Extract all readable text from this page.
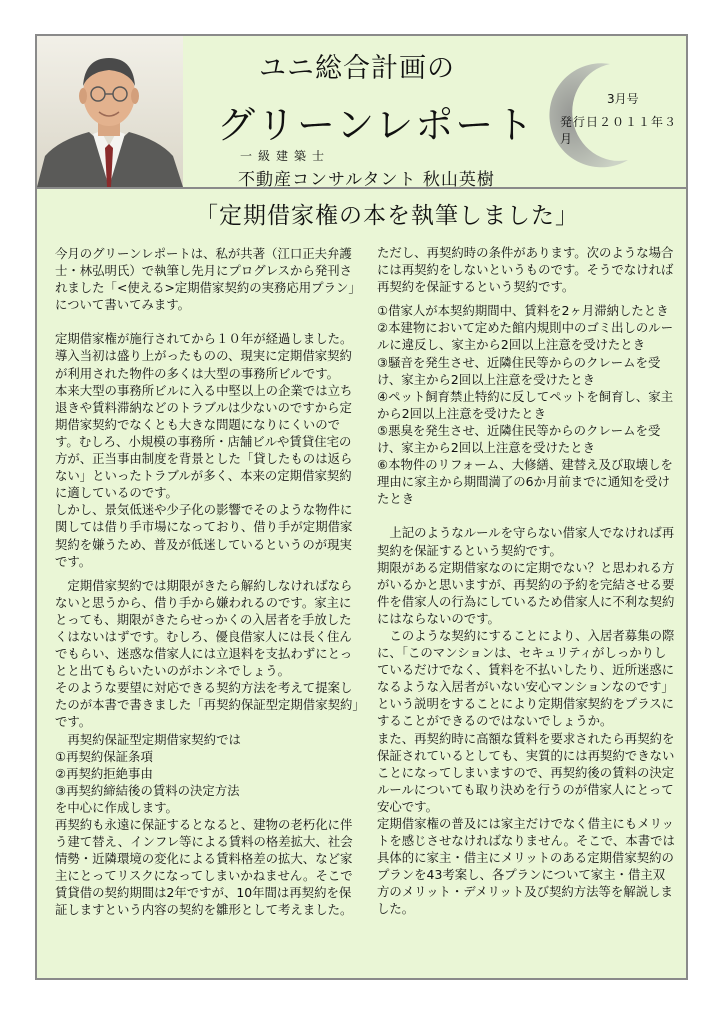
ユニ総合計画の
グリーンレポート
一級建築士
不動産コンサルタント 秋山英樹
3月号
発行日２０１１年３月
「定期借家権の本を執筆しました」

今月のグリーンレポートは、私が共著（江口正夫弁護士・林弘明氏）で執筆し先月にプログレスから発刊されました「<使える>定期借家契約の実務応用プラン」について書いてみます。

定期借家権が施行されてから１０年が経過しました。導入当初は盛り上がったものの、現実に定期借家契約が利用された物件の多くは大型の事務所ビルです。

本来大型の事務所ビルに入る中堅以上の企業では立ち退きや賃料滞納などのトラブルは少ないのですから定期借家契約でなくとも大きな問題になりにくいのです。むしろ、小規模の事務所・店舗ビルや賃貸住宅の方が、正当事由制度を背景とした「貸したものは返らない」といったトラブルが多く、本来の定期借家契約に適しているのです。

しかし、景気低迷や少子化の影響でそのような物件に関しては借り手市場になっており、借り手が定期借家契約を嫌うため、普及が低迷しているというのが現実です。

定期借家契約では期限がきたら解約しなければならないと思うから、借り手から嫌われるのです。家主にとっても、期限がきたらせっかくの入居者を手放したくはないはずです。むしろ、優良借家人には長く住んでもらい、迷惑な借家人には立退料を支払わずにとっとと出てもらいたいのがホンネでしょう。

そのような要望に対応できる契約方法を考えて提案したのが本書で書きました「再契約保証型定期借家契約」です。

再契約保証型定期借家契約では

①再契約保証条項

②再契約拒絶事由

③再契約締結後の賃料の決定方法

を中心に作成します。

再契約も永遠に保証するとなると、建物の老朽化に伴う建て替え、インフレ等による賃料の格差拡大、社会情勢・近隣環境の変化による賃料格差の拡大、など家主にとってリスクになってしまいかねません。そこで賃貸借の契約期間は2年ですが、10年間は再契約を保証しますという内容の契約を雛形として考えました。

ただし、再契約時の条件があります。次のような場合には再契約をしないというものです。そうでなければ再契約を保証するという契約です。

①借家人が本契約期間中、賃料を2ヶ月滞納したとき

②本建物において定めた館内規則中のゴミ出しのルールに違反し、家主から2回以上注意を受けたとき

③騒音を発生させ、近隣住民等からのクレームを受け、家主から2回以上注意を受けたとき

④ペット飼育禁止特約に反してペットを飼育し、家主から2回以上注意を受けたとき

⑤悪臭を発生させ、近隣住民等からのクレームを受け、家主から2回以上注意を受けたとき

⑥本物件のリフォーム、大修繕、建替え及び取壊しを理由に家主から期間満了の6か月前までに通知を受けたとき

上記のようなルールを守らない借家人でなければ再契約を保証するという契約です。

期限がある定期借家なのに定期でない？と思われる方がいるかと思いますが、再契約の予約を完結させる要件を借家人の行為にしているため借家人に不利な契約にはならないのです。

このような契約にすることにより、入居者募集の際に、「このマンションは、セキュリティがしっかりしているだけでなく、賃料を不払いしたり、近所迷惑になるような入居者がいない安心マンションなのです」という説明をすることにより定期借家契約をプラスにすることができるのではないでしょうか。

また、再契約時に高額な賃料を要求されたら再契約を保証されているとしても、実質的には再契約できないことになってしまいますので、再契約後の賃料の決定ルールについても取り決めを行うのが借家人にとって安心です。

定期借家権の普及には家主だけでなく借主にもメリットを感じさせなければなりません。そこで、本書では具体的に家主・借主にメリットのある定期借家契約のプランを43考案し、各プランについて家主・借主双方のメリット・デメリット及び契約方法等を解説しました。
